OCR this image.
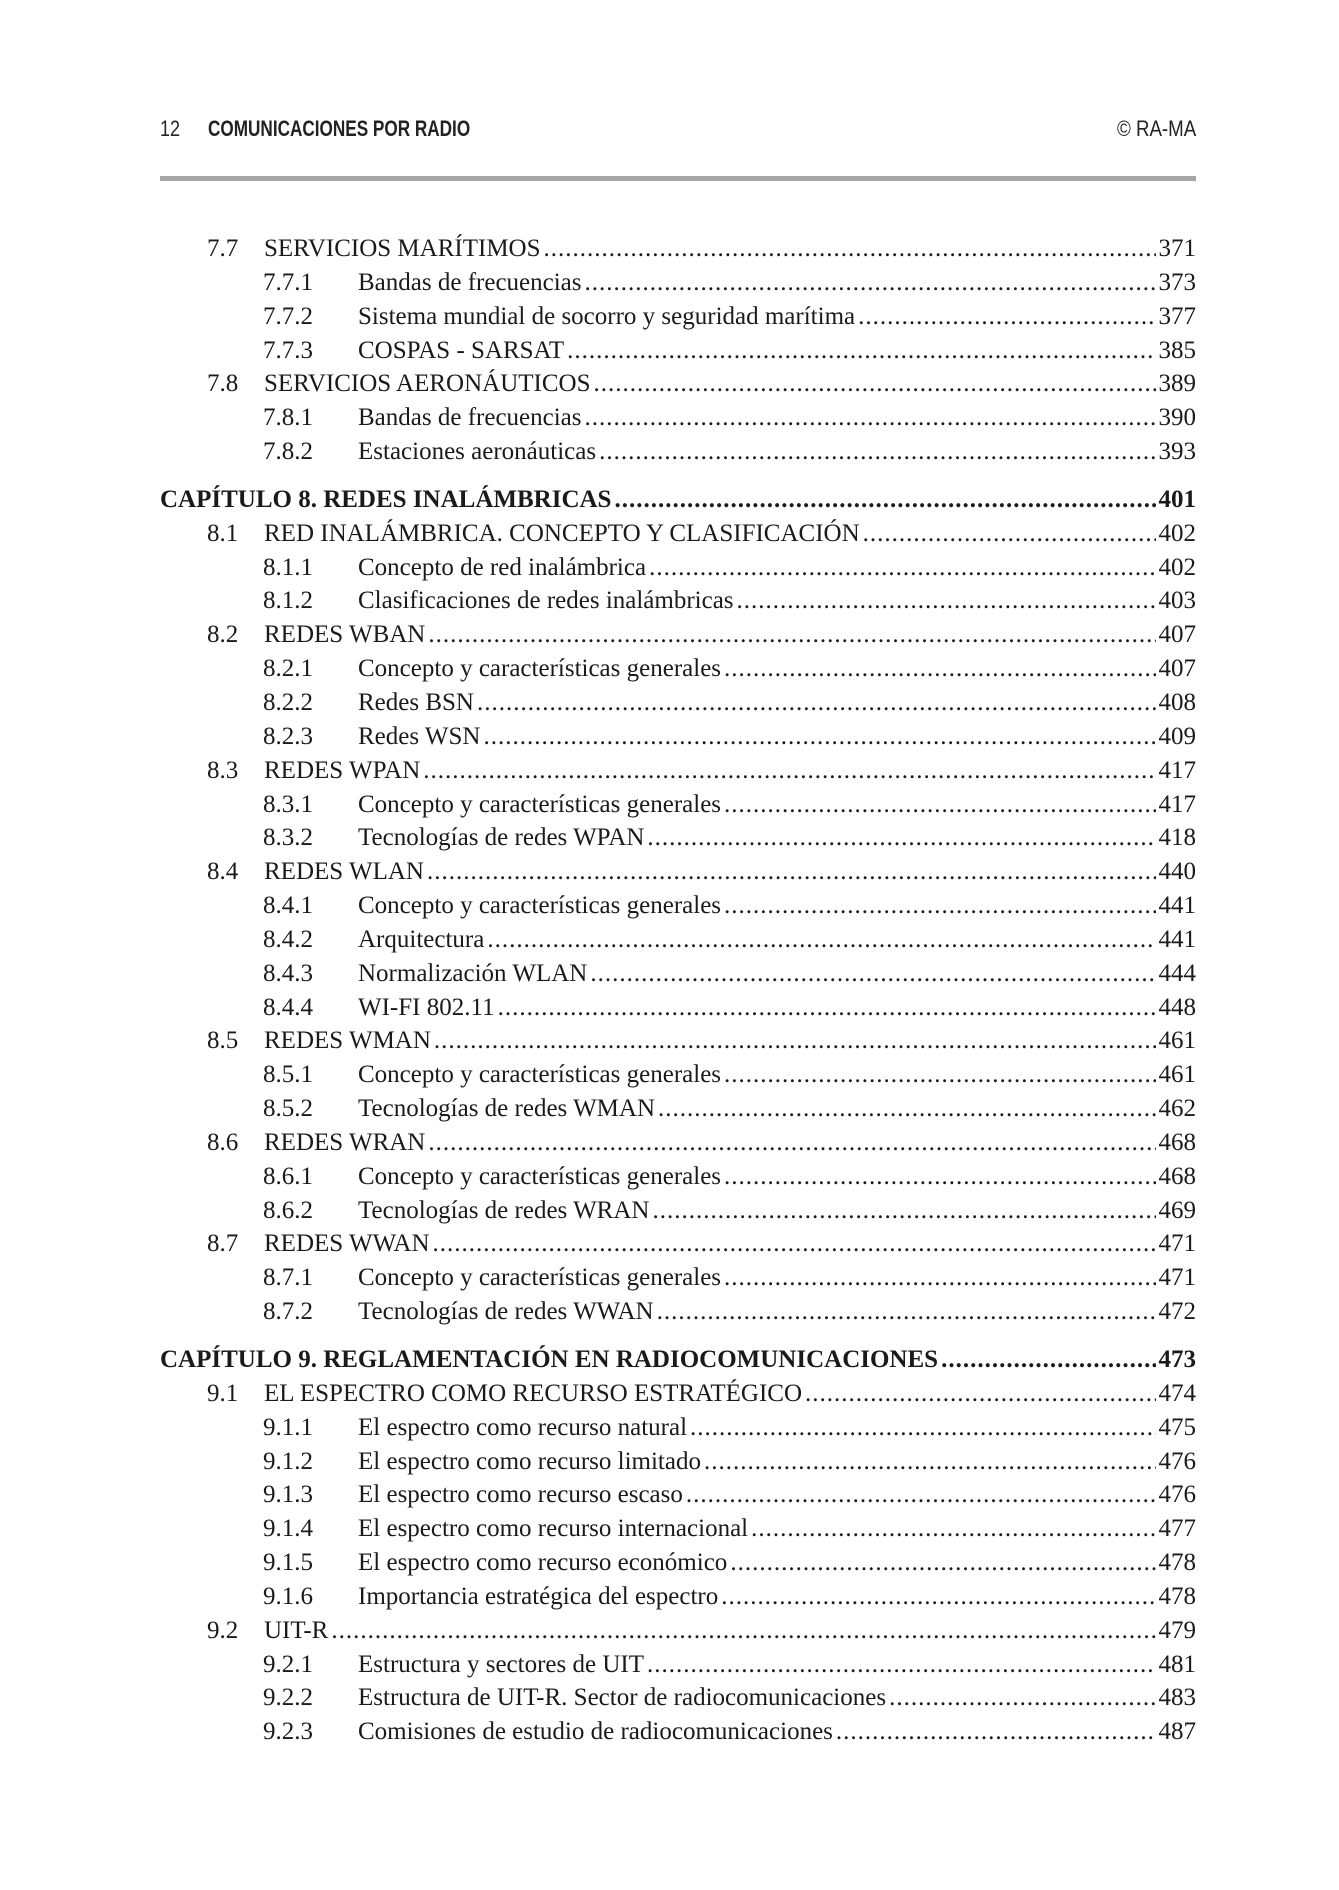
12 COMUNICACIONES POR RADIO	© RA-MA
7.7	SERVICIOS MARÍTIMOS .....	371
7.7.1	Bandas de frecuencias .....	373
7.7.2	Sistema mundial de socorro y seguridad marítima .....	377
7.7.3	COSPAS - SARSAT .....	385
7.8	SERVICIOS AERONÁUTICOS .....	389
7.8.1	Bandas de frecuencias .....	390
7.8.2	Estaciones aeronáuticas .....	393
CAPÍTULO 8. REDES INALÁMBRICAS .....	401
8.1	RED INALÁMBRICA. CONCEPTO Y CLASIFICACIÓN .....	402
8.1.1	Concepto de red inalámbrica .....	402
8.1.2	Clasificaciones de redes inalámbricas .....	403
8.2	REDES WBAN .....	407
8.2.1	Concepto y características generales .....	407
8.2.2	Redes BSN .....	408
8.2.3	Redes WSN .....	409
8.3	REDES WPAN .....	417
8.3.1	Concepto y características generales .....	417
8.3.2	Tecnologías de redes WPAN .....	418
8.4	REDES WLAN .....	440
8.4.1	Concepto y características generales .....	441
8.4.2	Arquitectura .....	441
8.4.3	Normalización WLAN .....	444
8.4.4	WI-FI 802.11 .....	448
8.5	REDES WMAN .....	461
8.5.1	Concepto y características generales .....	461
8.5.2	Tecnologías de redes WMAN .....	462
8.6	REDES WRAN .....	468
8.6.1	Concepto y características generales .....	468
8.6.2	Tecnologías de redes WRAN .....	469
8.7	REDES WWAN .....	471
8.7.1	Concepto y características generales .....	471
8.7.2	Tecnologías de redes WWAN .....	472
CAPÍTULO 9. REGLAMENTACIÓN EN RADIOCOMUNICACIONES .....	473
9.1	EL ESPECTRO COMO RECURSO ESTRATÉGICO .....	474
9.1.1	El espectro como recurso natural .....	475
9.1.2	El espectro como recurso limitado .....	476
9.1.3	El espectro como recurso escaso .....	476
9.1.4	El espectro como recurso internacional .....	477
9.1.5	El espectro como recurso económico .....	478
9.1.6	Importancia estratégica del espectro .....	478
9.2	UIT-R .....	479
9.2.1	Estructura y sectores de UIT .....	481
9.2.2	Estructura de UIT-R. Sector de radiocomunicaciones .....	483
9.2.3	Comisiones de estudio de radiocomunicaciones .....	487
